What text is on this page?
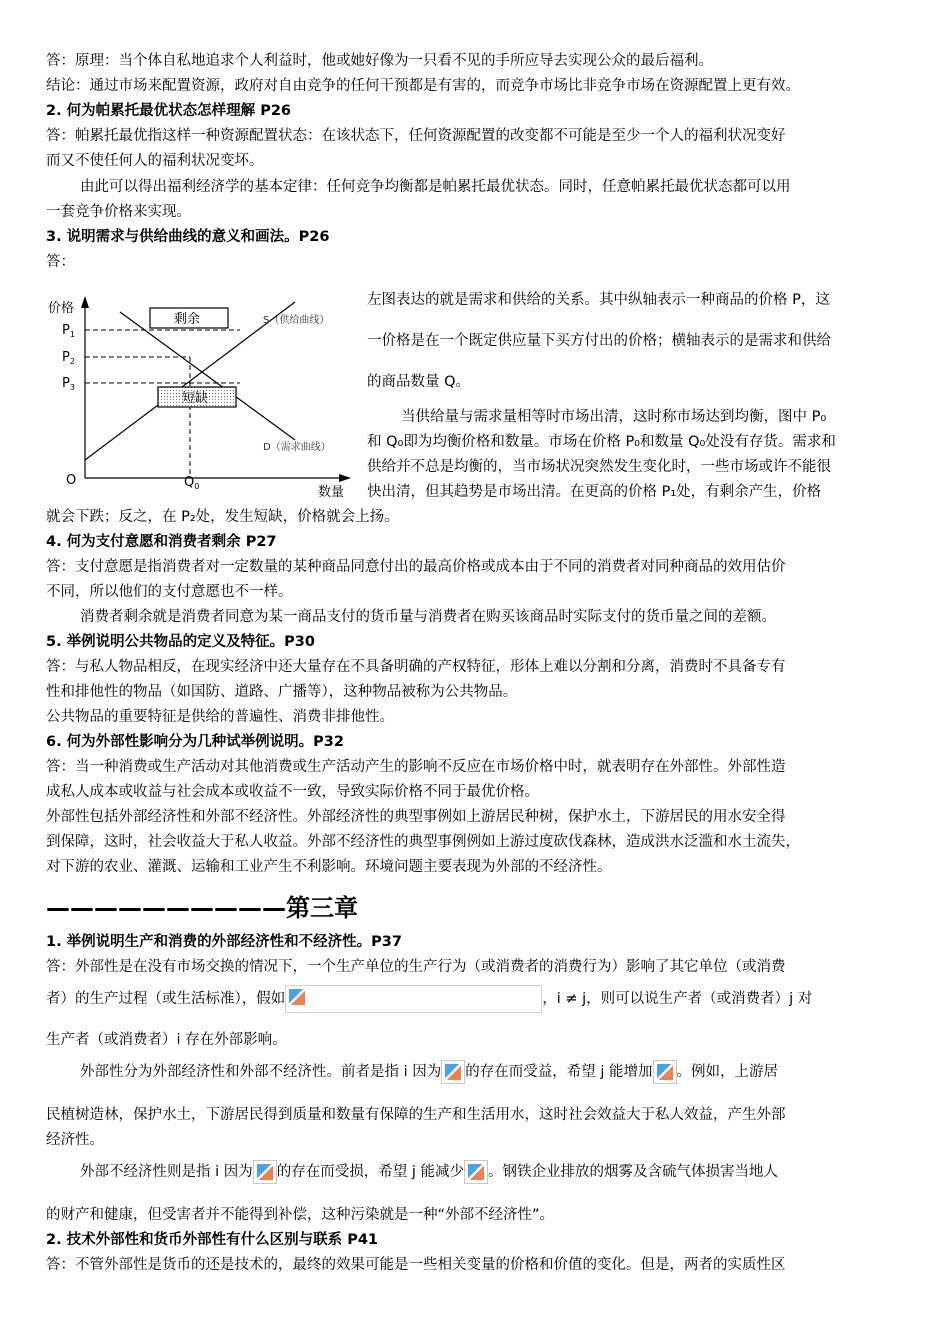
答：原理：当个体自私地追求个人利益时，他或她好像为一只看不见的手所应导去实现公众的最后福利。
结论：通过市场来配置资源，政府对自由竞争的任何干预都是有害的，而竞争市场比非竞争市场在资源配置上更有效。
2. 何为帕累托最优状态怎样理解 P26
答：帕累托最优指这样一种资源配置状态：在该状态下，任何资源配置的改变都不可能是至少一个人的福利状况变好
而又不使任何人的福利状况变坏。
由此可以得出福利经济学的基本定律：任何竞争均衡都是帕累托最优状态。同时，任意帕累托最优状态都可以用
一套竞争价格来实现。
3. 说明需求与供给曲线的意义和画法。P26
答：
价格
$P_1$
$P_2$
$P_3$
剩余
短缺
S（供给曲线）
D（需求曲线）
O	$Q_0$	数量
左图表达的就是需求和供给的关系。其中纵轴表示一种商品的价格 P，这
一价格是在一个既定供应量下买方付出的价格；横轴表示的是需求和供给
的商品数量 Q。
当供给量与需求量相等时市场出清，这时称市场达到均衡，图中 P₀
和 Q₀即为均衡价格和数量。市场在价格 P₀和数量 Q₀处没有存货。需求和
供给并不总是均衡的，当市场状况突然发生变化时，一些市场或许不能很
快出清，但其趋势是市场出清。在更高的价格 P₁处，有剩余产生，价格
就会下跌；反之，在 P₂处，发生短缺，价格就会上扬。
4. 何为支付意愿和消费者剩余 P27
答：支付意愿是指消费者对一定数量的某种商品同意付出的最高价格或成本由于不同的消费者对同种商品的效用估价
不同，所以他们的支付意愿也不一样。
消费者剩余就是消费者同意为某一商品支付的货币量与消费者在购买该商品时实际支付的货币量之间的差额。
5. 举例说明公共物品的定义及特征。P30
答：与私人物品相反，在现实经济中还大量存在不具备明确的产权特征，形体上难以分割和分离，消费时不具备专有
性和排他性的物品（如国防、道路、广播等），这种物品被称为公共物品。
公共物品的重要特征是供给的普遍性、消费非排他性。
6. 何为外部性影响分为几种试举例说明。P32
答：当一种消费或生产活动对其他消费或生产活动产生的影响不反应在市场价格中时，就表明存在外部性。外部性造
成私人成本或收益与社会成本或收益不一致，导致实际价格不同于最优价格。
外部性包括外部经济性和外部不经济性。外部经济性的典型事例如上游居民种树，保护水土，下游居民的用水安全得
到保障，这时，社会收益大于私人收益。外部不经济性的典型事例例如上游过度砍伐森林，造成洪水泛滥和水土流失，
对下游的农业、灌溉、运输和工业产生不利影响。环境问题主要表现为外部的不经济性。
——————————第三章
1. 举例说明生产和消费的外部经济性和不经济性。P37
答：外部性是在没有市场交换的情况下，一个生产单位的生产行为（或消费者的消费行为）影响了其它单位（或消费
者）的生产过程（或生活标准），假如	，i ≠ j，则可以说生产者（或消费者）j 对
生产者（或消费者）i 存在外部影响。
外部性分为外部经济性和外部不经济性。前者是指 i 因为 的存在而受益，希望 j 能增加 。例如，上游居
民植树造林，保护水土，下游居民得到质量和数量有保障的生产和生活用水，这时社会效益大于私人效益，产生外部
经济性。
外部不经济性则是指 i 因为 的存在而受损，希望 j 能减少 。钢铁企业排放的烟雾及含硫气体损害当地人
的财产和健康，但受害者并不能得到补偿，这种污染就是一种“外部不经济性”。
2. 技术外部性和货币外部性有什么区别与联系 P41
答：不管外部性是货币的还是技术的，最终的效果可能是一些相关变量的价格和价值的变化。但是，两者的实质性区
